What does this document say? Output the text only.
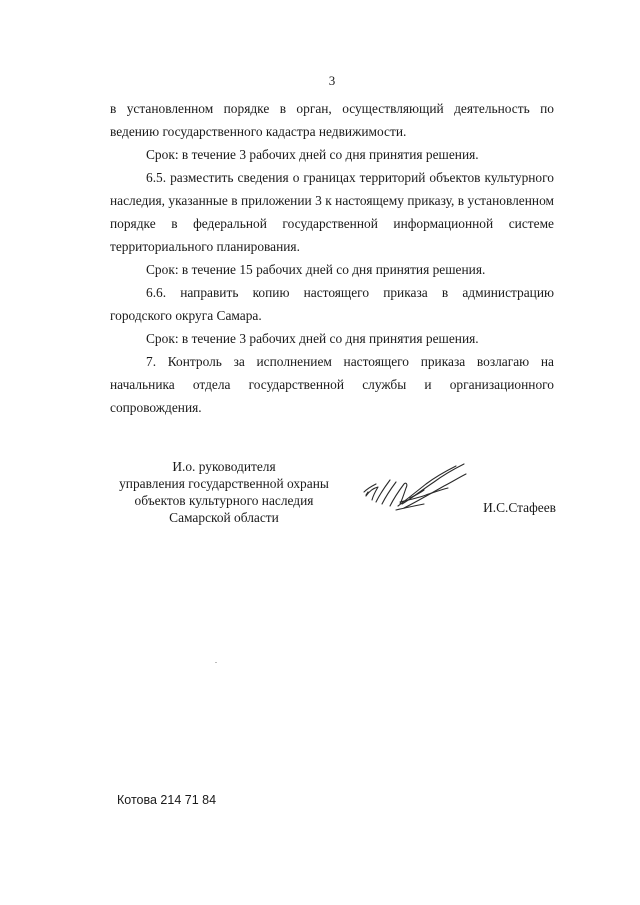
3

в установленном порядке в орган, осуществляющий деятельность по ведению государственного кадастра недвижимости.

Срок: в течение 3 рабочих дней со дня принятия решения.

6.5. разместить сведения о границах территорий объектов культурного наследия, указанные в приложении 3 к настоящему приказу, в установленном порядке в федеральной государственной информационной системе территориального планирования.

Срок: в течение 15 рабочих дней со дня принятия решения.

6.6. направить копию настоящего приказа в администрацию городского округа Самара.

Срок: в течение 3 рабочих дней со дня принятия решения.

7. Контроль за исполнением настоящего приказа возлагаю на начальника отдела государственной службы и организационного сопровождения.

И.о. руководителя
управления государственной охраны
объектов культурного наследия
Самарской области
И.С.Стафеев
Котова 214 71 84
